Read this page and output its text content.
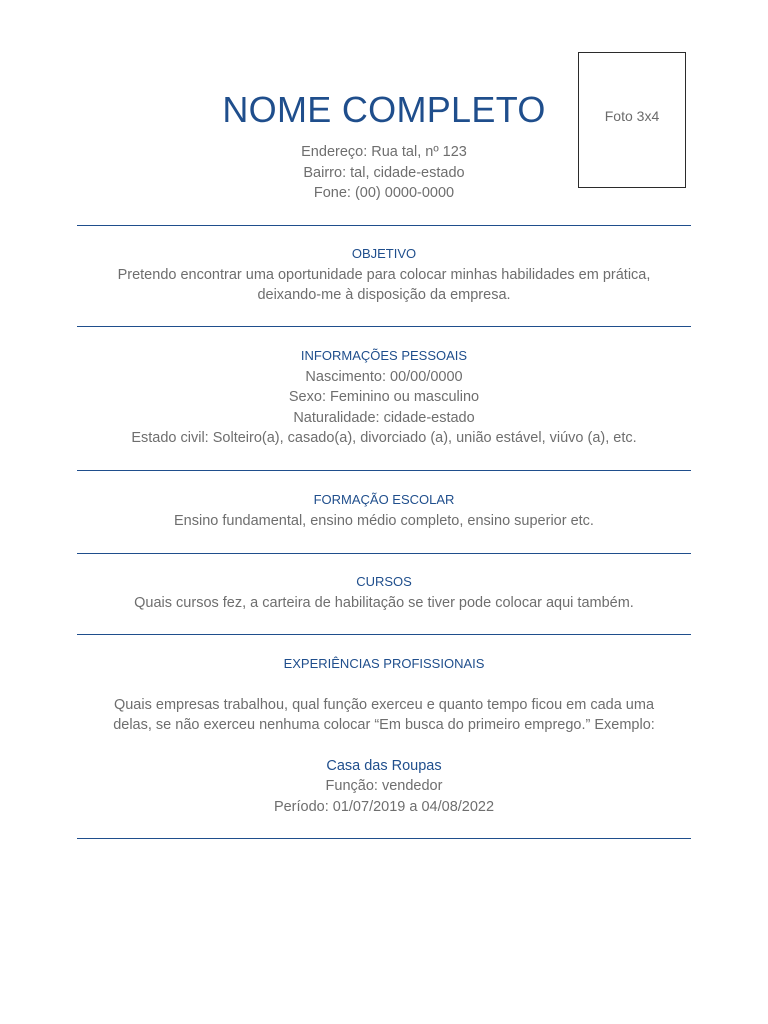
Foto 3x4
NOME COMPLETO
Endereço: Rua tal, nº 123
Bairro: tal, cidade-estado
Fone: (00) 0000-0000
OBJETIVO
Pretendo encontrar uma oportunidade para colocar minhas habilidades em prática,
deixando-me à disposição da empresa.
INFORMAÇÕES PESSOAIS
Nascimento: 00/00/0000
Sexo: Feminino ou masculino
Naturalidade: cidade-estado
Estado civil: Solteiro(a), casado(a), divorciado (a), união estável, viúvo (a), etc.
FORMAÇÃO ESCOLAR
Ensino fundamental, ensino médio completo, ensino superior etc.
CURSOS
Quais cursos fez, a carteira de habilitação se tiver pode colocar aqui também.
EXPERIÊNCIAS PROFISSIONAIS
Quais empresas trabalhou, qual função exerceu e quanto tempo ficou em cada uma
delas, se não exerceu nenhuma colocar “Em busca do primeiro emprego.” Exemplo:
Casa das Roupas
Função: vendedor
Período: 01/07/2019 a 04/08/2022
